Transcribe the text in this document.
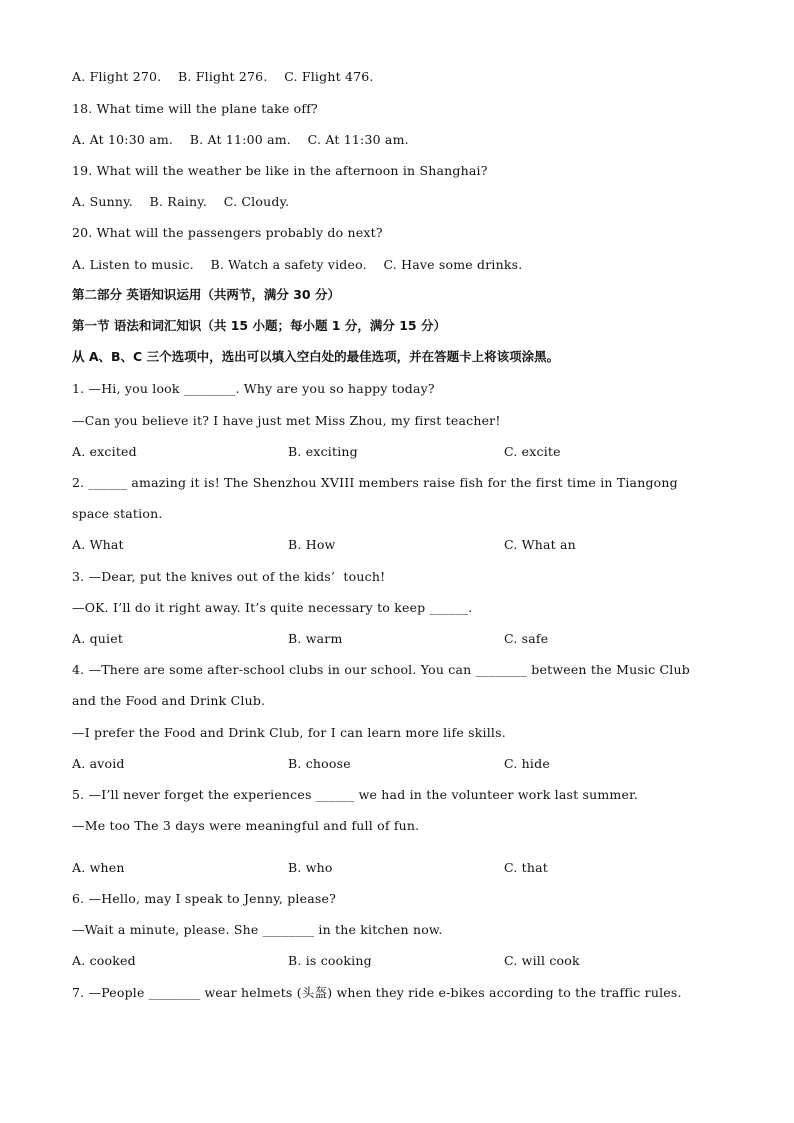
A. Flight 270.    B. Flight 276.    C. Flight 476.
18. What time will the plane take off?
A. At 10:30 am.    B. At 11:00 am.    C. At 11:30 am.
19. What will the weather be like in the afternoon in Shanghai?
A. Sunny.    B. Rainy.    C. Cloudy.
20. What will the passengers probably do next?
A. Listen to music.    B. Watch a safety video.    C. Have some drinks.
第二部分 英语知识运用（共两节，满分 30 分）
第一节 语法和词汇知识（共 15 小题；每小题 1 分，满分 15 分）
从 A、B、C 三个选项中，选出可以填入空白处的最佳选项，并在答题卡上将该项涂黑。
1. —Hi, you look ________. Why are you so happy today?
—Can you believe it? I have just met Miss Zhou, my first teacher!
A. excited	B. exciting	C. excite
2. ______ amazing it is! The Shenzhou XVIII members raise fish for the first time in Tiangong
space station.
A. What	B. How	C. What an
3. —Dear, put the knives out of the kids’  touch!
—OK. I’ll do it right away. It’s quite necessary to keep ______.
A. quiet	B. warm	C. safe
4. —There are some after-school clubs in our school. You can ________ between the Music Club
and the Food and Drink Club.
—I prefer the Food and Drink Club, for I can learn more life skills.
A. avoid	B. choose	C. hide
5. —I’ll never forget the experiences ______ we had in the volunteer work last summer.
—Me too The 3 days were meaningful and full of fun.
A. when	B. who	C. that
6. —Hello, may I speak to Jenny, please?
—Wait a minute, please. She ________ in the kitchen now.
A. cooked	B. is cooking	C. will cook
7. —People ________ wear helmets (头盔) when they ride e-bikes according to the traffic rules.
